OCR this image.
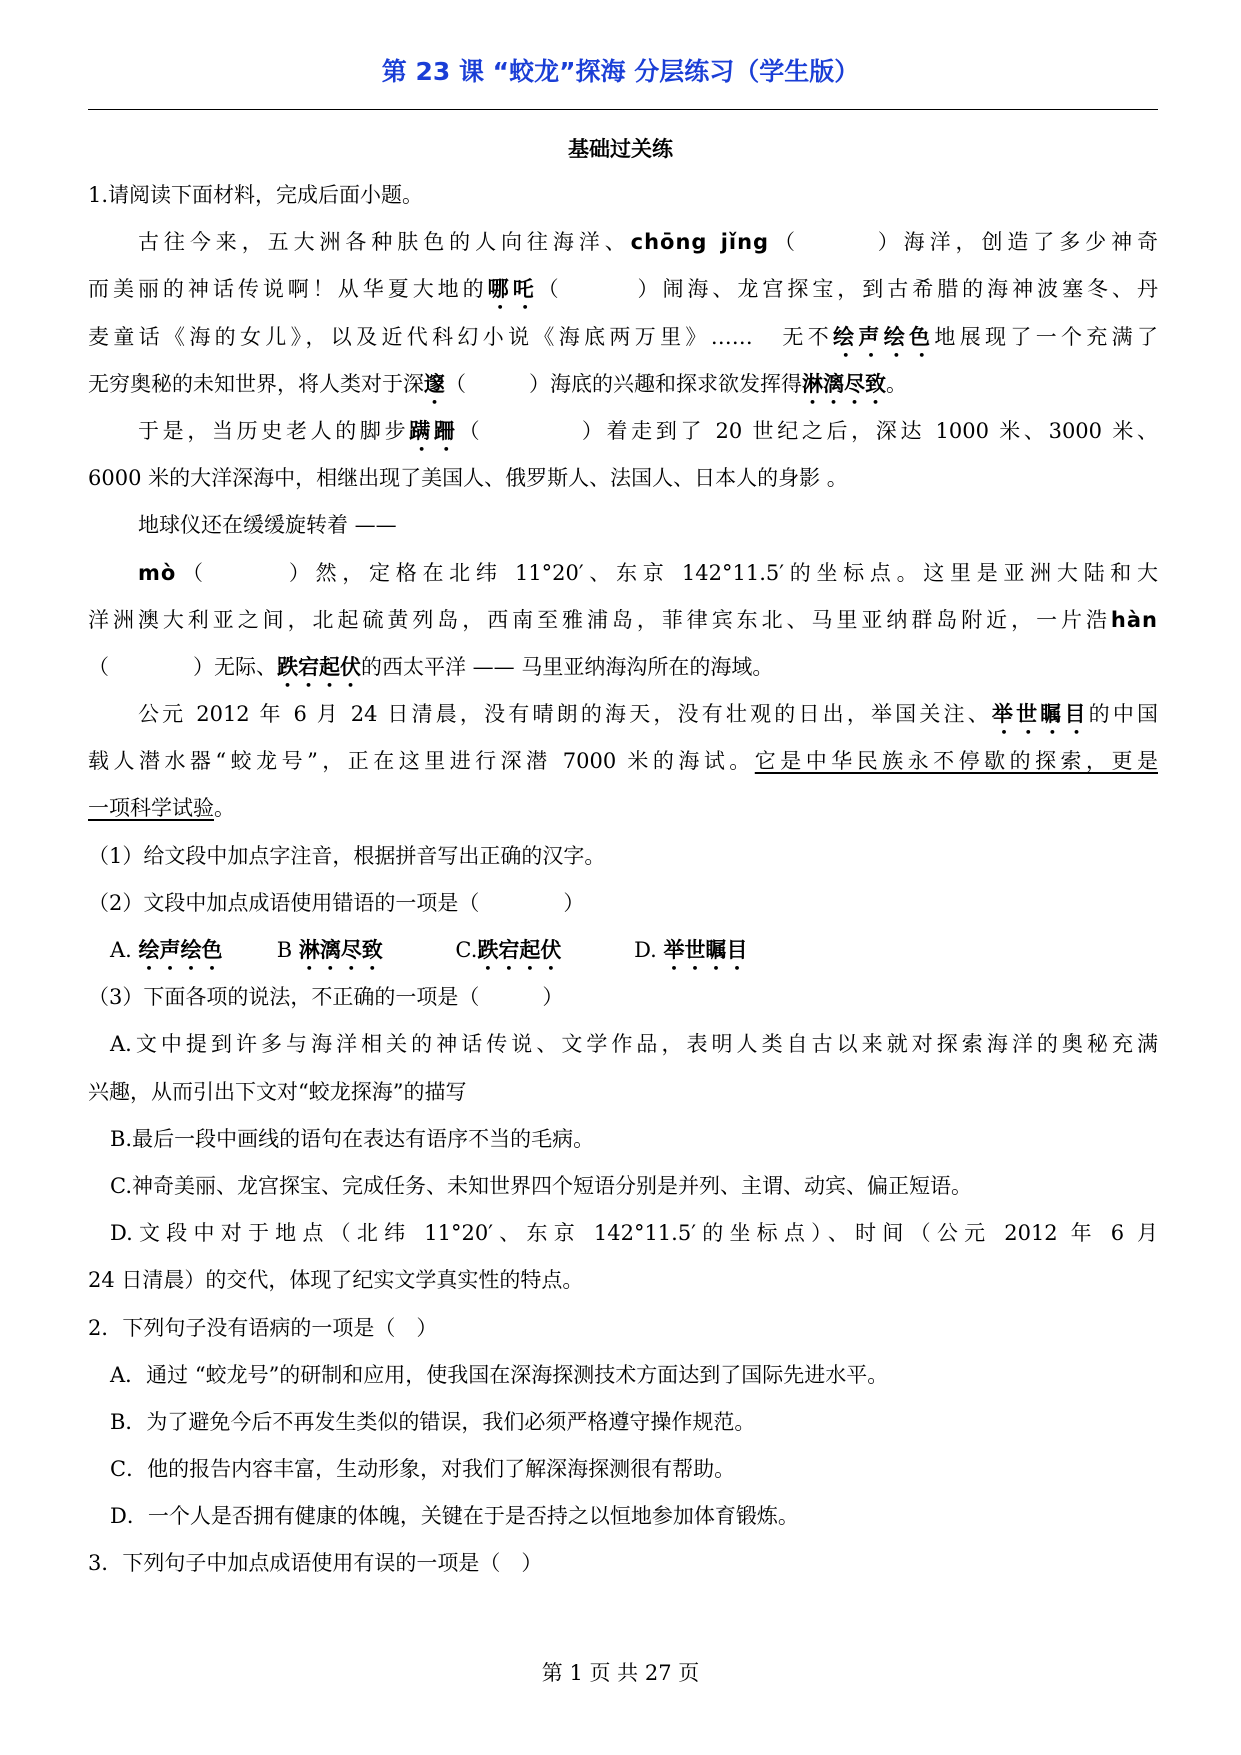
第 23 课 “蛟龙”探海 分层练习（学生版）
基础过关练
1.请阅读下面材料，完成后面小题。
古往今来，五大洲各种肤色的人向往海洋、chōng jǐng（　　　）海洋，创造了多少神奇
而美丽的神话传说啊！从华夏大地的哪吒（　　　）闹海、龙宫探宝，到古希腊的海神波塞冬、丹
麦童话《海的女儿》，以及近代科幻小说《海底两万里》……　无不绘声绘色地展现了一个充满了
无穷奥秘的未知世界，将人类对于深邃（　　　）海底的兴趣和探求欲发挥得淋漓尽致。
于是，当历史老人的脚步蹒跚（　　　　）着走到了 20 世纪之后，深达 1000 米、3000 米、
6000 米的大洋深海中，相继出现了美国人、俄罗斯人、法国人、日本人的身影 。
地球仪还在缓缓旋转着 ——
mò（　　　）然，定格在北纬 11°20′、东京 142°11.5′的坐标点。这里是亚洲大陆和大
洋洲澳大利亚之间，北起硫黄列岛，西南至雅浦岛，菲律宾东北、马里亚纳群岛附近，一片浩hàn
（　　　　）无际、跌宕起伏的西太平洋 —— 马里亚纳海沟所在的海域。
公元 2012 年 6 月 24 日清晨，没有晴朗的海天，没有壮观的日出，举国关注、举世瞩目的中国
载人潜水器“蛟龙号”，正在这里进行深潜 7000 米的海试。它是中华民族永不停歇的探索，更是
一项科学试验。
（1）给文段中加点字注音，根据拼音写出正确的汉字。
（2）文段中加点成语使用错语的一项是（　　　　）
A. 绘声绘色	B 淋漓尽致	C.跌宕起伏	D. 举世瞩目
（3）下面各项的说法，不正确的一项是（　　　）
A.文中提到许多与海洋相关的神话传说、文学作品，表明人类自古以来就对探索海洋的奥秘充满
兴趣，从而引出下文对“蛟龙探海”的描写
B.最后一段中画线的语句在表达有语序不当的毛病。
C.神奇美丽、龙宫探宝、完成任务、未知世界四个短语分别是并列、主谓、动宾、偏正短语。
D.文段中对于地点（北纬 11°20′、东京 142°11.5′的坐标点）、时间（公元 2012 年 6 月
24 日清晨）的交代，体现了纪实文学真实性的特点。
2．下列句子没有语病的一项是（　）
A．通过 “蛟龙号”的研制和应用，使我国在深海探测技术方面达到了国际先进水平。
B．为了避免今后不再发生类似的错误，我们必须严格遵守操作规范。
C．他的报告内容丰富，生动形象，对我们了解深海探测很有帮助。
D．一个人是否拥有健康的体魄，关键在于是否持之以恒地参加体育锻炼。
3．下列句子中加点成语使用有误的一项是（　）
第 1 页 共 27 页
